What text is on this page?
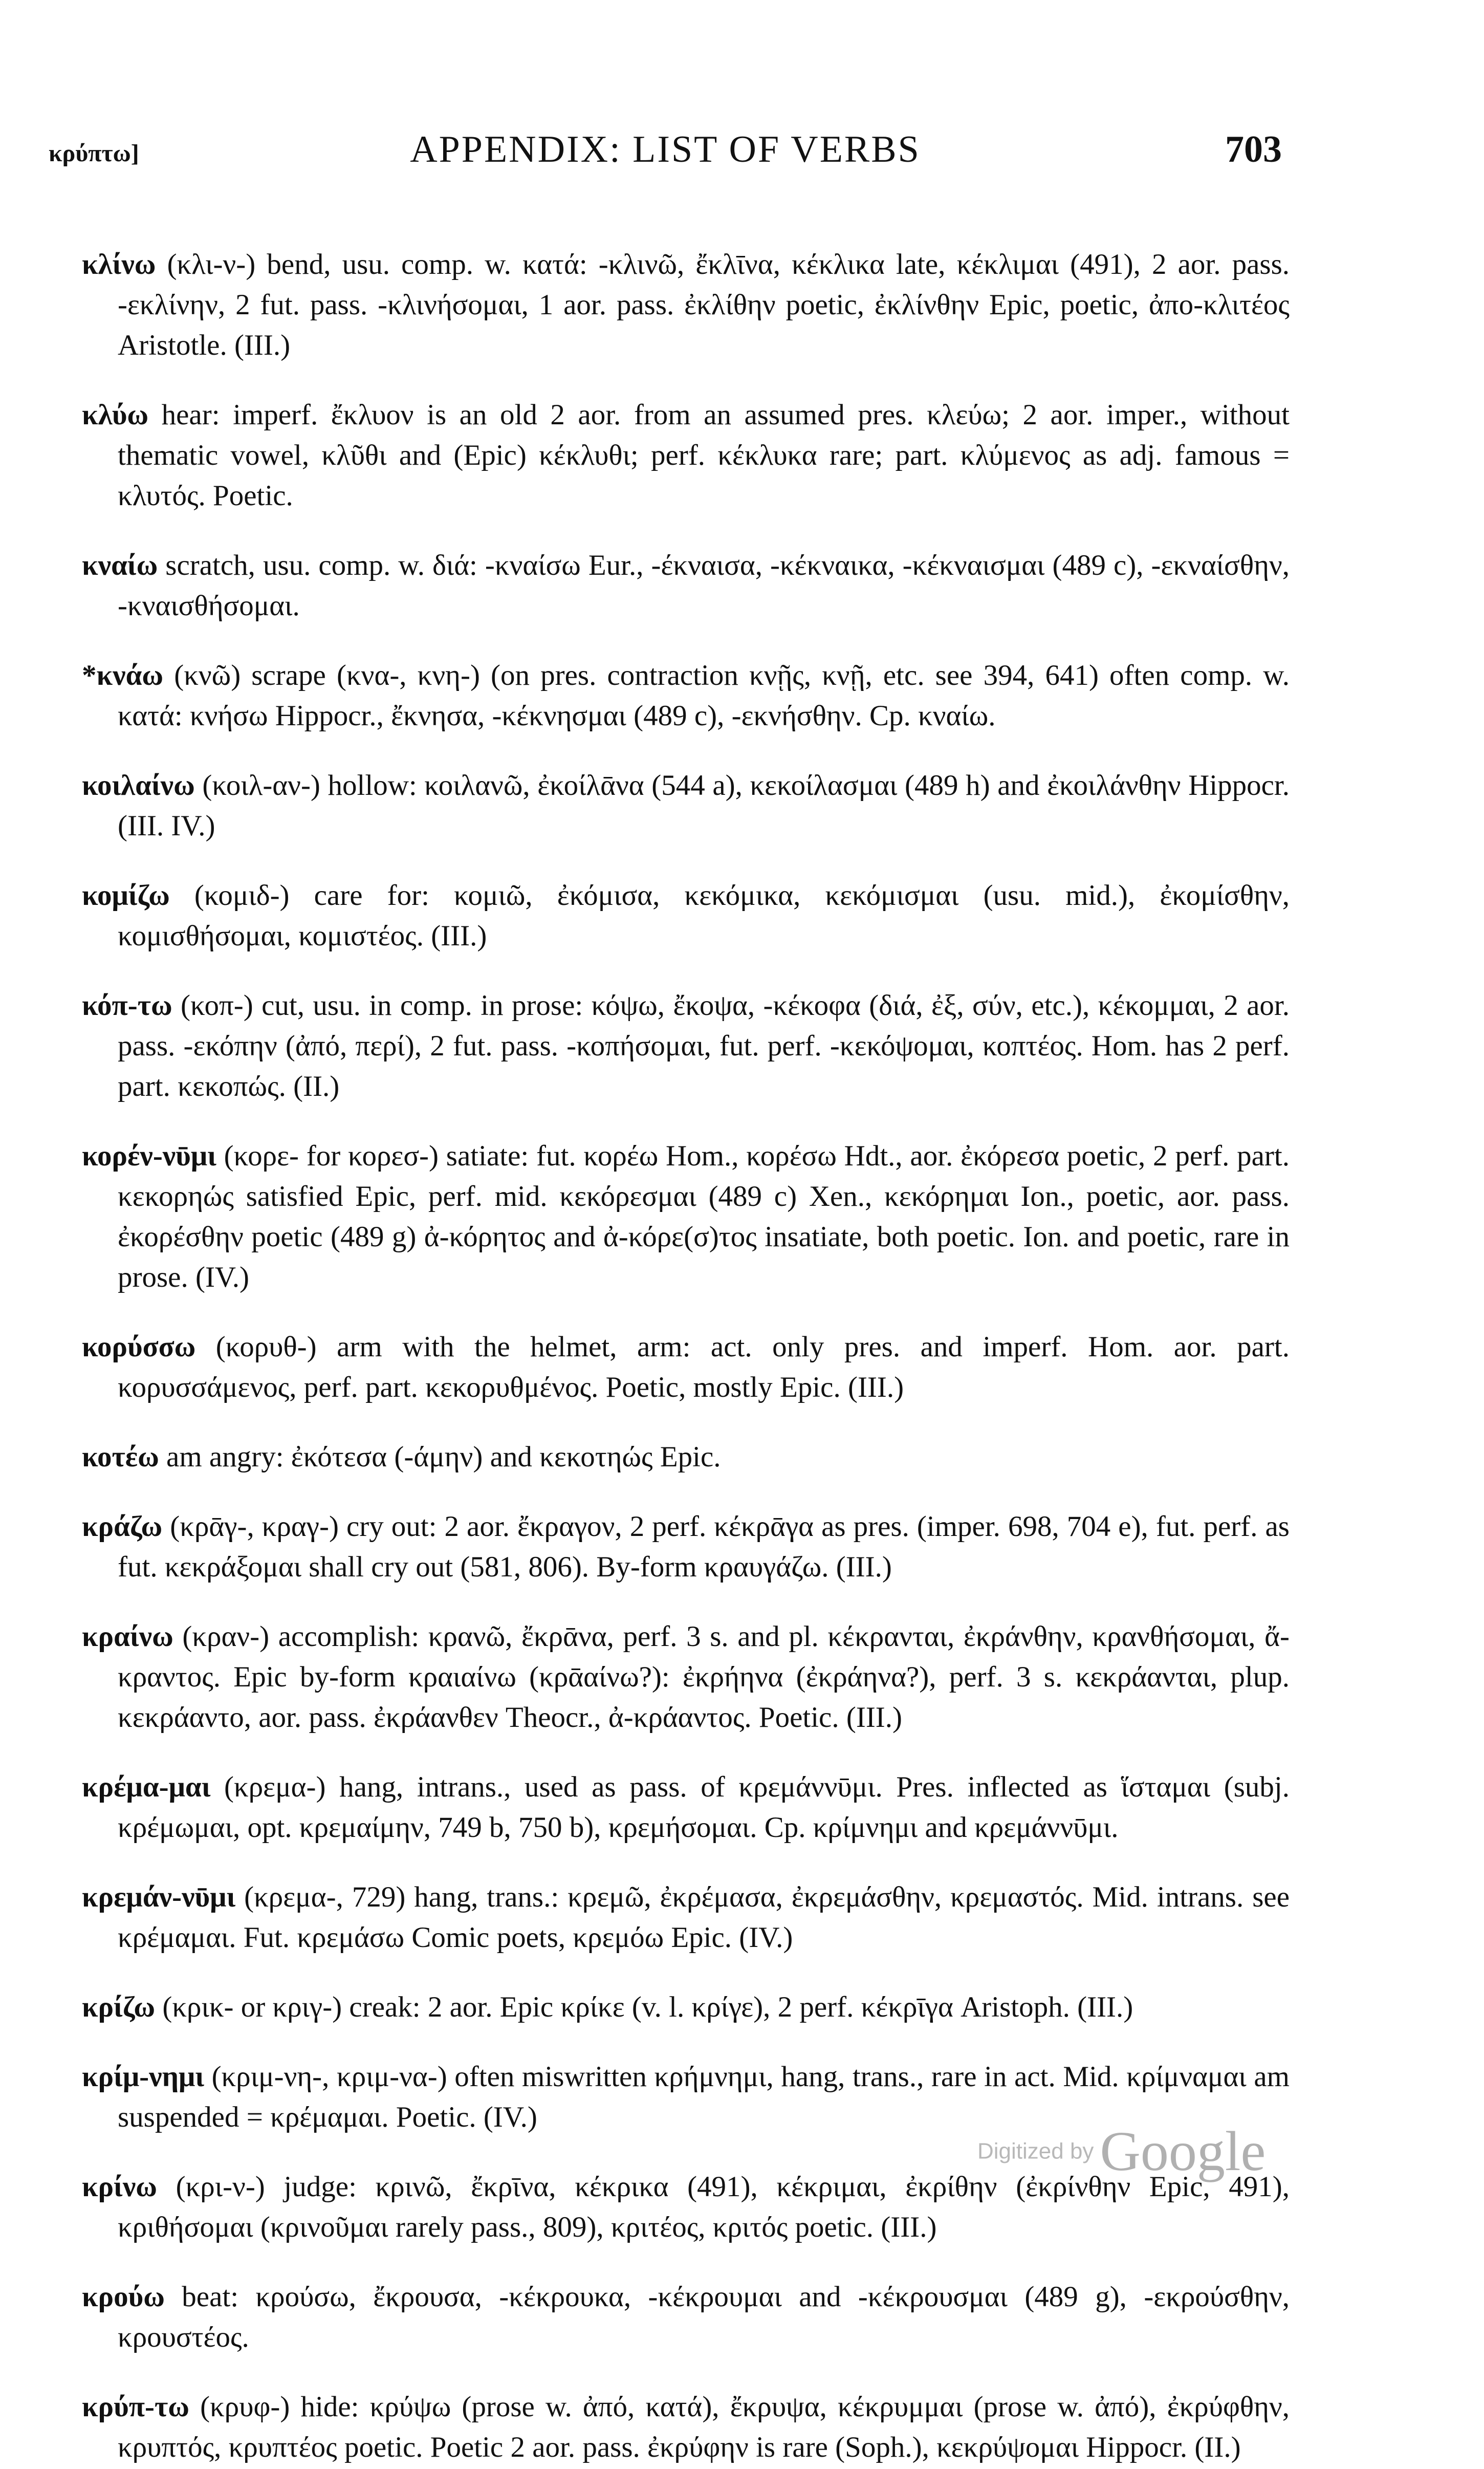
κρύπτω]	APPENDIX: LIST OF VERBS	703

κλίνω (κλι-ν-) bend, usu. comp. w. κατά: -κλινῶ, ἔκλῑνα, κέκλικα late, κέκλιμαι (491), 2 aor. pass. -εκλίνην, 2 fut. pass. -κλινήσομαι, 1 aor. pass. ἐκλίθην poetic, ἐκλίνθην Epic, poetic, ἀπο-κλιτέος Aristotle. (III.)

κλύω hear: imperf. ἔκλυον is an old 2 aor. from an assumed pres. κλεύω; 2 aor. imper., without thematic vowel, κλῦθι and (Epic) κέκλυθι; perf. κέκλυκα rare; part. κλύμενος as adj. famous = κλυτός. Poetic.

κναίω scratch, usu. comp. w. διά: -κναίσω Eur., -έκναισα, -κέκναικα, -κέκναισμαι (489 c), -εκναίσθην, -κναισθήσομαι.

*κνάω (κνῶ) scrape (κνα-, κνη-) (on pres. contraction κνῇς, κνῇ, etc. see 394, 641) often comp. w. κατά: κνήσω Hippocr., ἔκνησα, -κέκνησμαι (489 c), -εκνήσθην. Cp. κναίω.

κοιλαίνω (κοιλ-αν-) hollow: κοιλανῶ, ἐκοίλᾱνα (544 a), κεκοίλασμαι (489 h) and ἐκοιλάνθην Hippocr. (III. IV.)

κομίζω (κομιδ-) care for: κομιῶ, ἐκόμισα, κεκόμικα, κεκόμισμαι (usu. mid.), ἐκομίσθην, κομισθήσομαι, κομιστέος. (III.)

κόπ-τω (κοπ-) cut, usu. in comp. in prose: κόψω, ἔκοψα, -κέκοφα (διά, ἐξ, σύν, etc.), κέκομμαι, 2 aor. pass. -εκόπην (ἀπό, περί), 2 fut. pass. -κοπήσομαι, fut. perf. -κεκόψομαι, κοπτέος. Hom. has 2 perf. part. κεκοπώς. (II.)

κορέν-νῡμι (κορε- for κορεσ-) satiate: fut. κορέω Hom., κορέσω Hdt., aor. ἐκόρεσα poetic, 2 perf. part. κεκορηώς satisfied Epic, perf. mid. κεκόρεσμαι (489 c) Xen., κεκόρημαι Ion., poetic, aor. pass. ἐκορέσθην poetic (489 g) ἀ-κόρητος and ἀ-κόρε(σ)τος insatiate, both poetic. Ion. and poetic, rare in prose. (IV.)

κορύσσω (κορυθ-) arm with the helmet, arm: act. only pres. and imperf. Hom. aor. part. κορυσσάμενος, perf. part. κεκορυθμένος. Poetic, mostly Epic. (III.)

κοτέω am angry: ἐκότεσα (-άμην) and κεκοτηώς Epic.

κράζω (κρᾱγ-, κραγ-) cry out: 2 aor. ἔκραγον, 2 perf. κέκρᾱγα as pres. (imper. 698, 704 e), fut. perf. as fut. κεκράξομαι shall cry out (581, 806). By-form κραυγάζω. (III.)

κραίνω (κραν-) accomplish: κρανῶ, ἔκρᾱνα, perf. 3 s. and pl. κέκρανται, ἐκράνθην, κρανθήσομαι, ἄ-κραντος. Epic by-form κραιαίνω (κρᾱαίνω?): ἐκρήηνα (ἐκράηνα?), perf. 3 s. κεκράανται, plup. κεκράαντο, aor. pass. ἐκράανθεν Theocr., ἀ-κράαντος. Poetic. (III.)

κρέμα-μαι (κρεμα-) hang, intrans., used as pass. of κρεμάννῡμι. Pres. inflected as ἵσταμαι (subj. κρέμωμαι, opt. κρεμαίμην, 749 b, 750 b), κρεμήσομαι. Cp. κρίμνημι and κρεμάννῡμι.

κρεμάν-νῡμι (κρεμα-, 729) hang, trans.: κρεμῶ, ἐκρέμασα, ἐκρεμάσθην, κρεμαστός. Mid. intrans. see κρέμαμαι. Fut. κρεμάσω Comic poets, κρεμόω Epic. (IV.)

κρίζω (κρικ- or κριγ-) creak: 2 aor. Epic κρίκε (v. l. κρίγε), 2 perf. κέκρῑγα Aristoph. (III.)

κρίμ-νημι (κριμ-νη-, κριμ-να-) often miswritten κρήμνημι, hang, trans., rare in act. Mid. κρίμναμαι am suspended = κρέμαμαι. Poetic. (IV.)

κρίνω (κρι-ν-) judge: κρινῶ, ἔκρῑνα, κέκρικα (491), κέκριμαι, ἐκρίθην (ἐκρίνθην Epic, 491), κριθήσομαι (κρινοῦμαι rarely pass., 809), κριτέος, κριτός poetic. (III.)

κρούω beat: κρούσω, ἔκρουσα, -κέκρουκα, -κέκρουμαι and -κέκρουσμαι (489 g), -εκρούσθην, κρουστέος.

κρύπ-τω (κρυφ-) hide: κρύψω (prose w. ἀπό, κατά), ἔκρυψα, κέκρυμμαι (prose w. ἀπό), ἐκρύφθην, κρυπτός, κρυπτέος poetic. Poetic 2 aor. pass. ἐκρύφην is rare (Soph.), κεκρύψομαι Hippocr. (II.)

Digitized by Google
